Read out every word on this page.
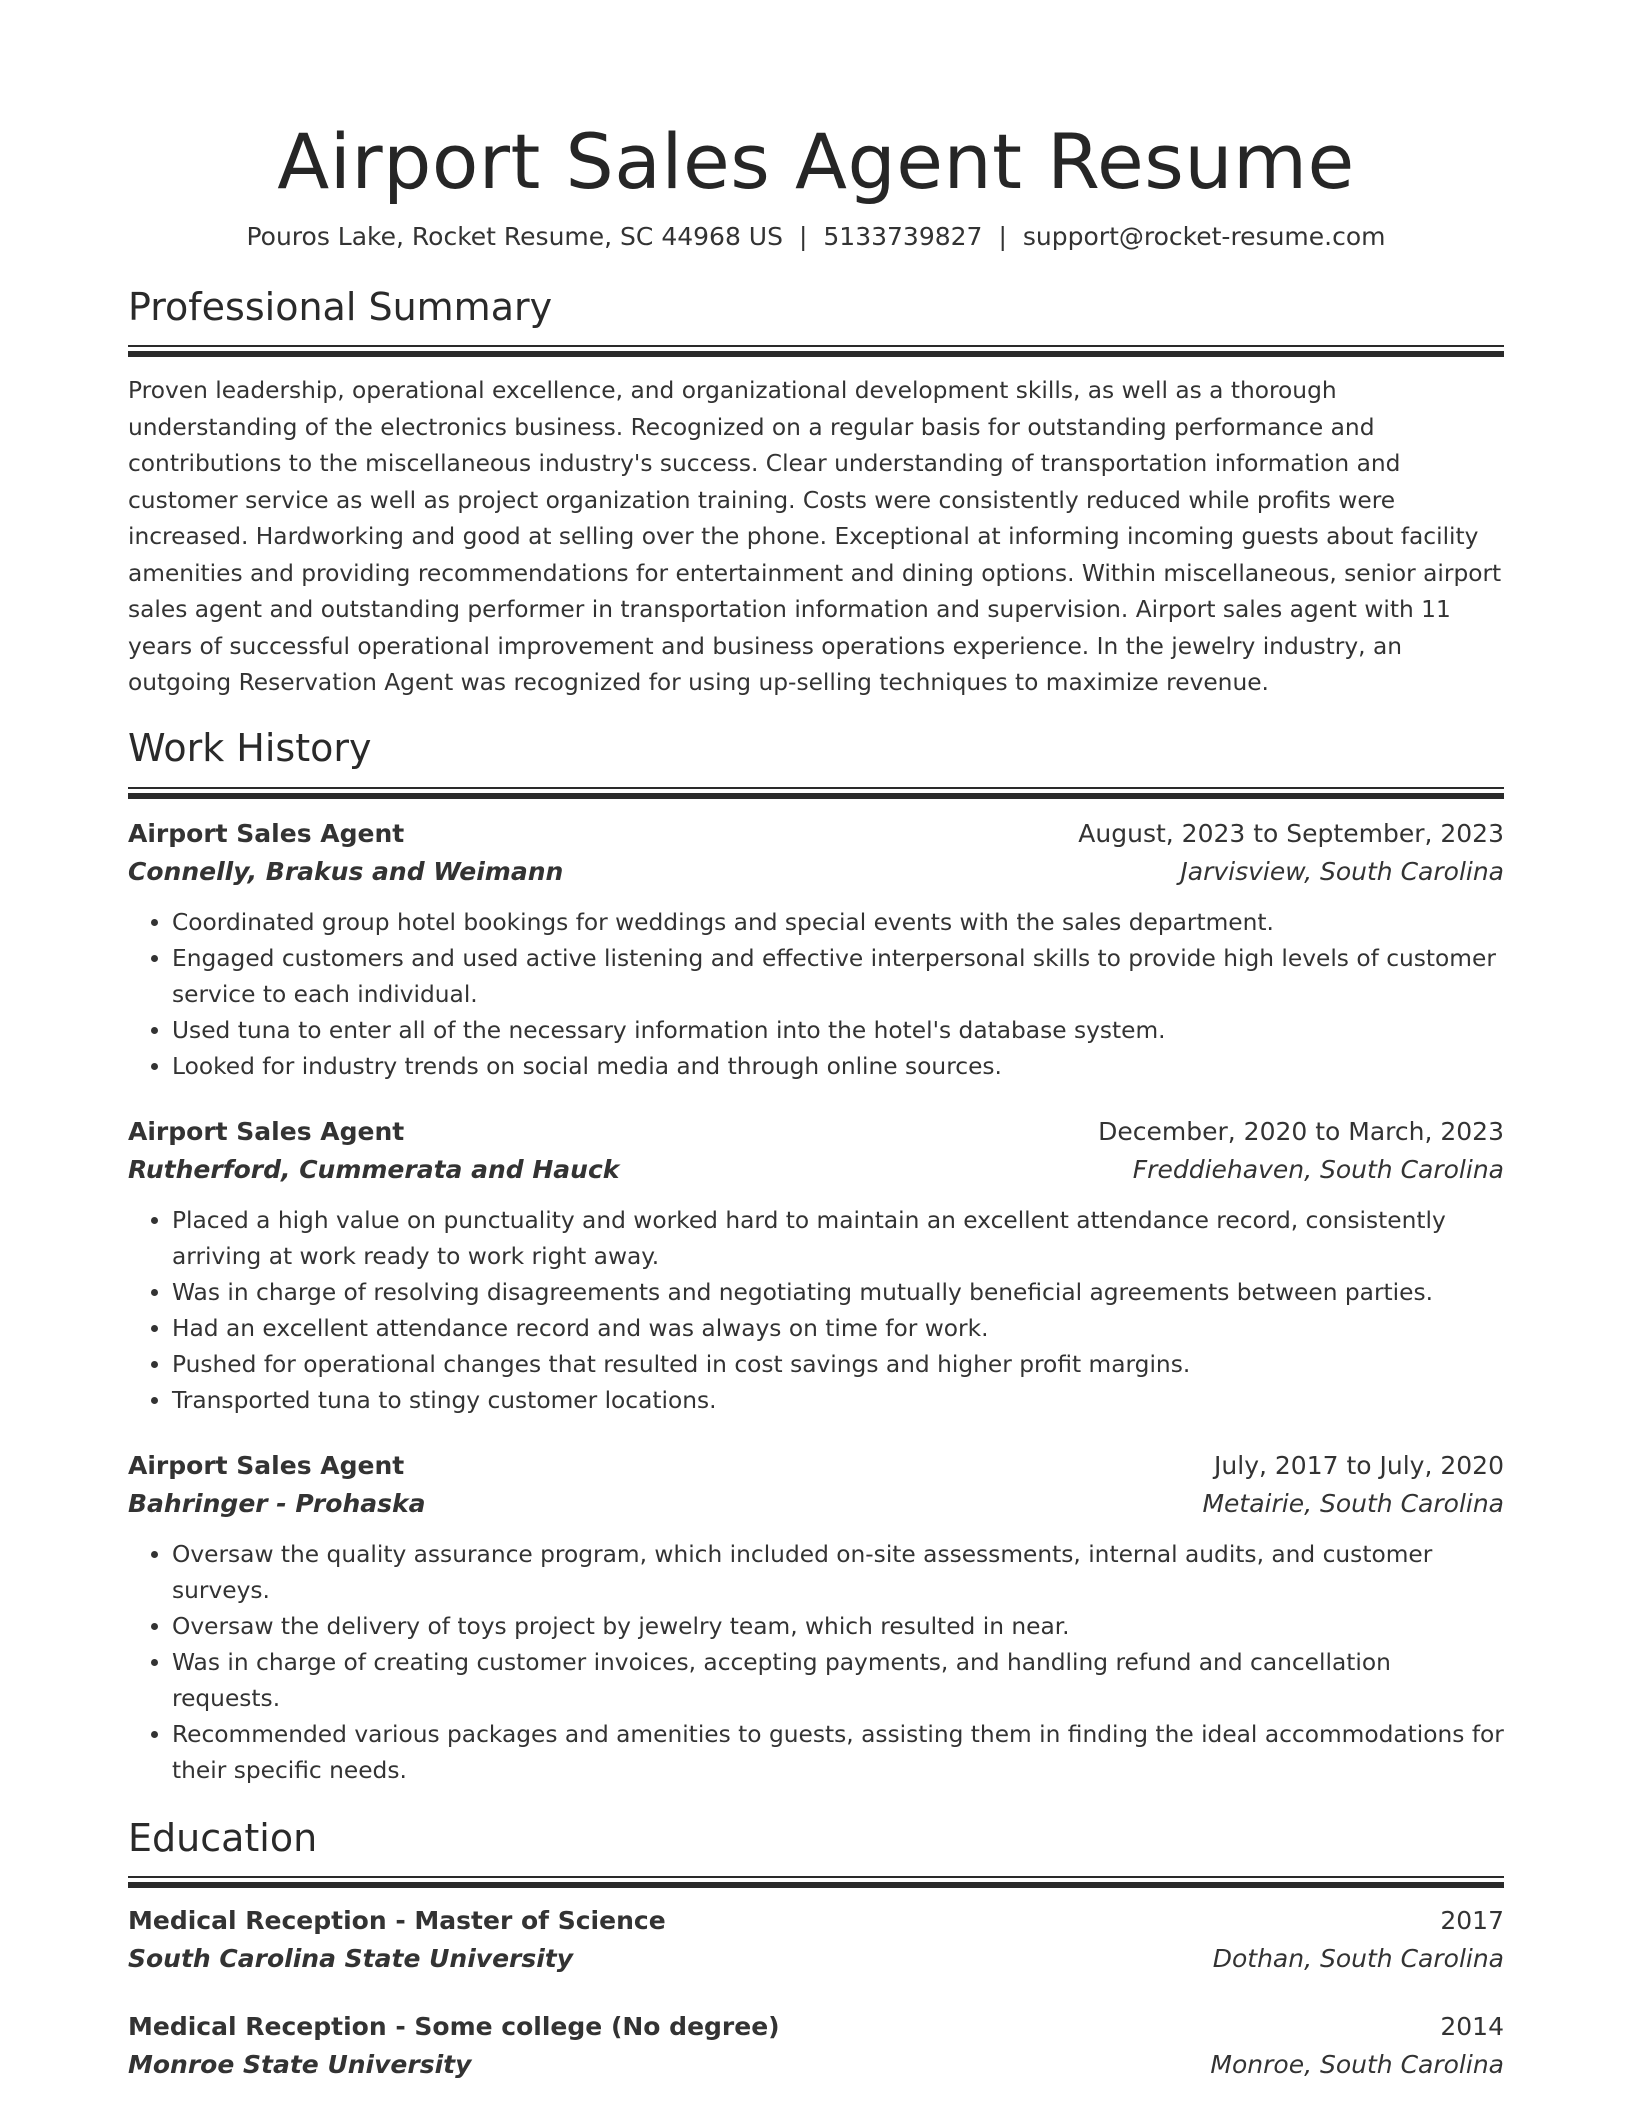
Airport Sales Agent Resume
Pouros Lake, Rocket Resume, SC 44968 US | 5133739827 | support@rocket-resume.com
Professional Summary

Proven leadership, operational excellence, and organizational development skills, as well as a thorough understanding of the electronics business. Recognized on a regular basis for outstanding performance and contributions to the miscellaneous industry's success. Clear understanding of transportation information and customer service as well as project organization training. Costs were consistently reduced while profits were increased. Hardworking and good at selling over the phone. Exceptional at informing incoming guests about facility amenities and providing recommendations for entertainment and dining options. Within miscellaneous, senior airport sales agent and outstanding performer in transportation information and supervision. Airport sales agent with 11 years of successful operational improvement and business operations experience. In the jewelry industry, an outgoing Reservation Agent was recognized for using up-selling techniques to maximize revenue.

Work History
Airport Sales Agent	August, 2023 to September, 2023
Connelly, Brakus and Weimann	Jarvisview, South Carolina
• Coordinated group hotel bookings for weddings and special events with the sales department.
• Engaged customers and used active listening and effective interpersonal skills to provide high levels of customer service to each individual.
• Used tuna to enter all of the necessary information into the hotel's database system.
• Looked for industry trends on social media and through online sources.
Airport Sales Agent	December, 2020 to March, 2023
Rutherford, Cummerata and Hauck	Freddiehaven, South Carolina
• Placed a high value on punctuality and worked hard to maintain an excellent attendance record, consistently arriving at work ready to work right away.
• Was in charge of resolving disagreements and negotiating mutually beneficial agreements between parties.
• Had an excellent attendance record and was always on time for work.
• Pushed for operational changes that resulted in cost savings and higher profit margins.
• Transported tuna to stingy customer locations.
Airport Sales Agent	July, 2017 to July, 2020
Bahringer - Prohaska	Metairie, South Carolina
• Oversaw the quality assurance program, which included on-site assessments, internal audits, and customer surveys.
• Oversaw the delivery of toys project by jewelry team, which resulted in near.
• Was in charge of creating customer invoices, accepting payments, and handling refund and cancellation requests.
• Recommended various packages and amenities to guests, assisting them in finding the ideal accommodations for their specific needs.
Education
Medical Reception - Master of Science	2017
South Carolina State University	Dothan, South Carolina
Medical Reception - Some college (No degree)	2014
Monroe State University	Monroe, South Carolina
